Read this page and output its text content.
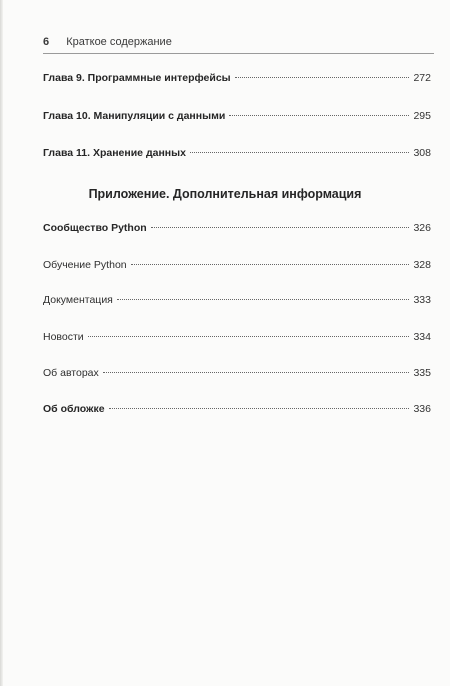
6 Краткое содержание
Глава 9. Программные интерфейсы	272
Глава 10. Манипуляции с данными	295
Глава 11. Хранение данных	308
Приложение. Дополнительная информация
Сообщество Python	326
Обучение Python	328
Документация	333
Новости	334
Об авторах	335
Об обложке	336
